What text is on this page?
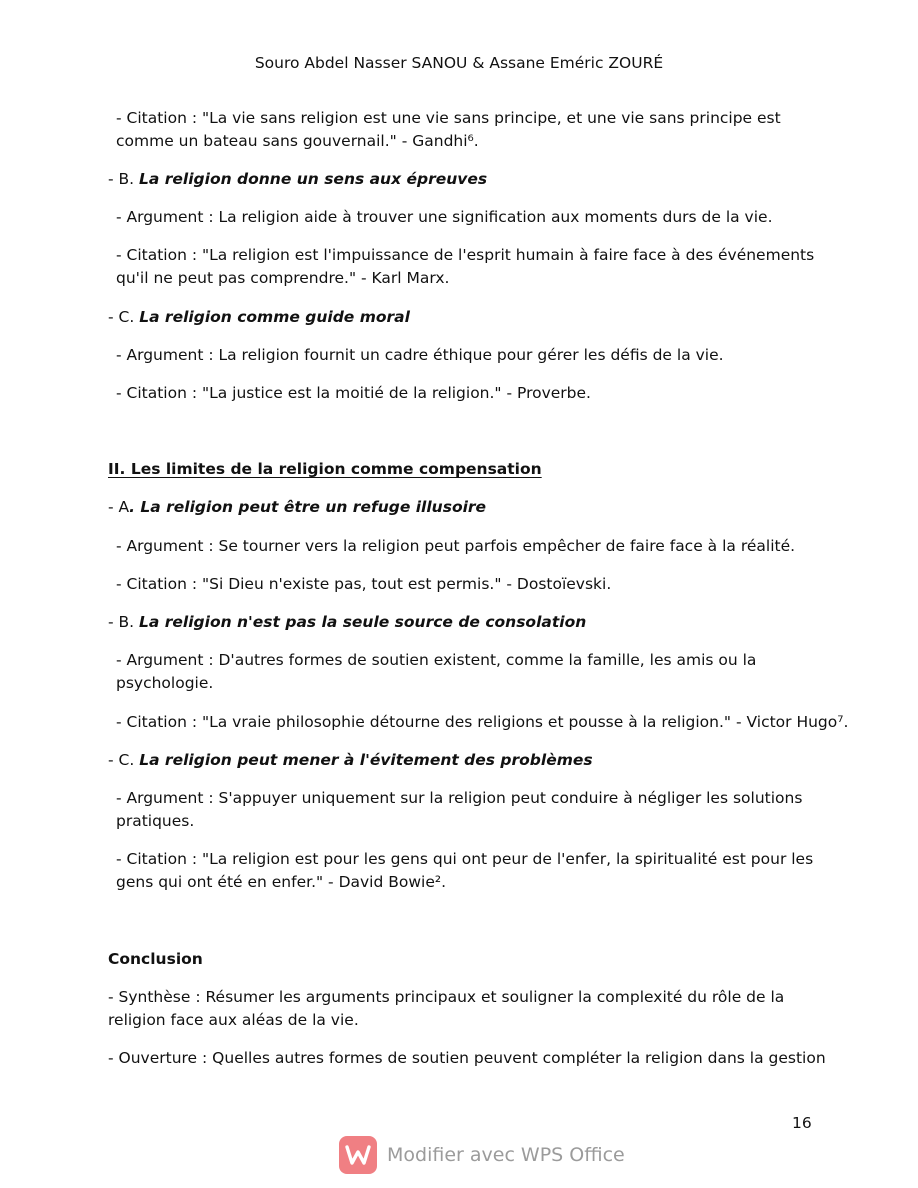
Souro Abdel Nasser SANOU & Assane Eméric ZOURÉ
- Citation : "La vie sans religion est une vie sans principe, et une vie sans principe est comme un bateau sans gouvernail." - Gandhi⁶.
- B. La religion donne un sens aux épreuves
- Argument : La religion aide à trouver une signification aux moments durs de la vie.
- Citation : "La religion est l'impuissance de l'esprit humain à faire face à des événements qu'il ne peut pas comprendre." - Karl Marx.
- C. La religion comme guide moral
- Argument : La religion fournit un cadre éthique pour gérer les défis de la vie.
- Citation : "La justice est la moitié de la religion." - Proverbe.
II. Les limites de la religion comme compensation
- A. La religion peut être un refuge illusoire
- Argument : Se tourner vers la religion peut parfois empêcher de faire face à la réalité.
- Citation : "Si Dieu n'existe pas, tout est permis." - Dostoïevski.
- B. La religion n'est pas la seule source de consolation
- Argument : D'autres formes de soutien existent, comme la famille, les amis ou la psychologie.
- Citation : "La vraie philosophie détourne des religions et pousse à la religion." - Victor Hugo⁷.
- C. La religion peut mener à l'évitement des problèmes
- Argument : S'appuyer uniquement sur la religion peut conduire à négliger les solutions pratiques.
- Citation : "La religion est pour les gens qui ont peur de l'enfer, la spiritualité est pour les gens qui ont été en enfer." - David Bowie².
Conclusion
- Synthèse : Résumer les arguments principaux et souligner la complexité du rôle de la religion face aux aléas de la vie.
- Ouverture : Quelles autres formes de soutien peuvent compléter la religion dans la gestion
16
Modifier avec WPS Office
